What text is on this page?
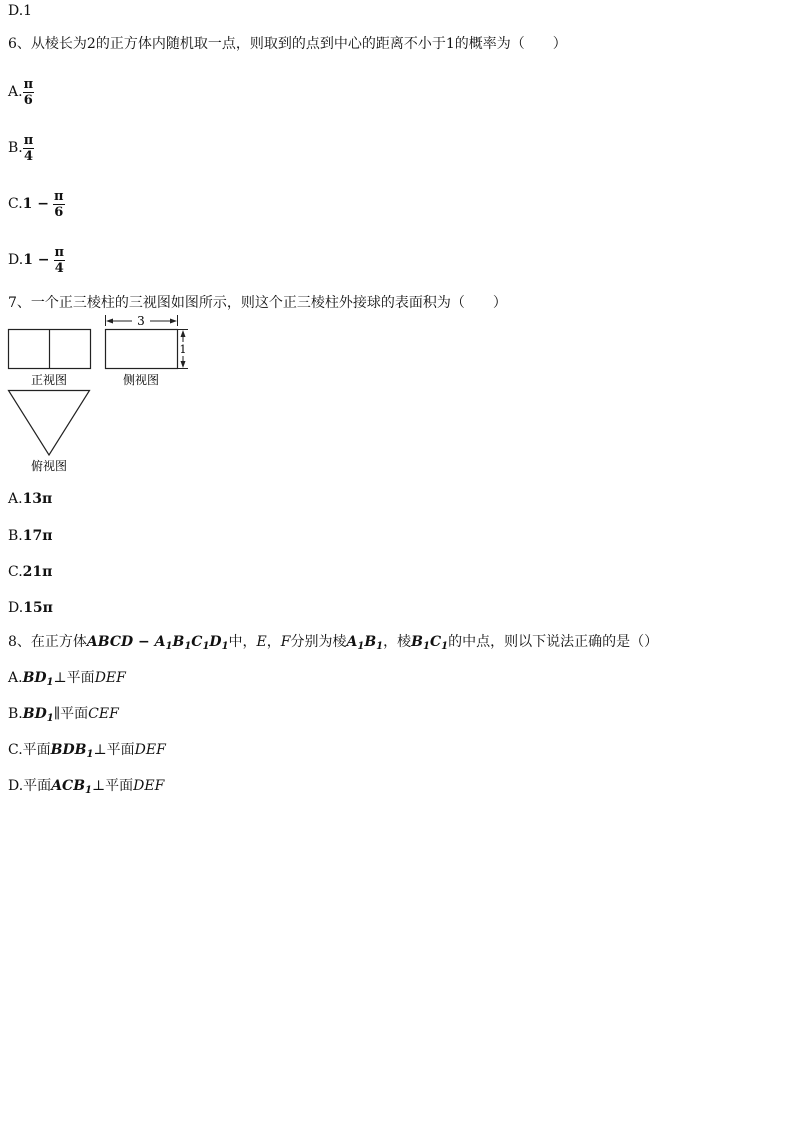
D.1
6、从棱长为2的正方体内随机取一点，则取到的点到中心的距离不小于1的概率为（　　）
A. $\frac{\pi}{6}$
B. $\frac{\pi}{4}$
C. $1 - \frac{\pi}{6}$
D. $1 - \frac{\pi}{4}$
7、一个正三棱柱的三视图如图所示，则这个正三棱柱外接球的表面积为（　　）
3
1
正视图	侧视图
俯视图
A.13π
B.17π
C.21π
D.15π
8、在正方体ABCD − $A_1B_1C_1D_1$中，E，F分别为棱$A_1B_1$，棱$B_1C_1$的中点，则以下说法正确的是（）
$A.BD_1\perp$平面DEF
$B.BD_1\parallel$平面CEF
C.平面$BDB_1\perp$平面DEF
D.平面$ACB_1\perp$平面DEF
